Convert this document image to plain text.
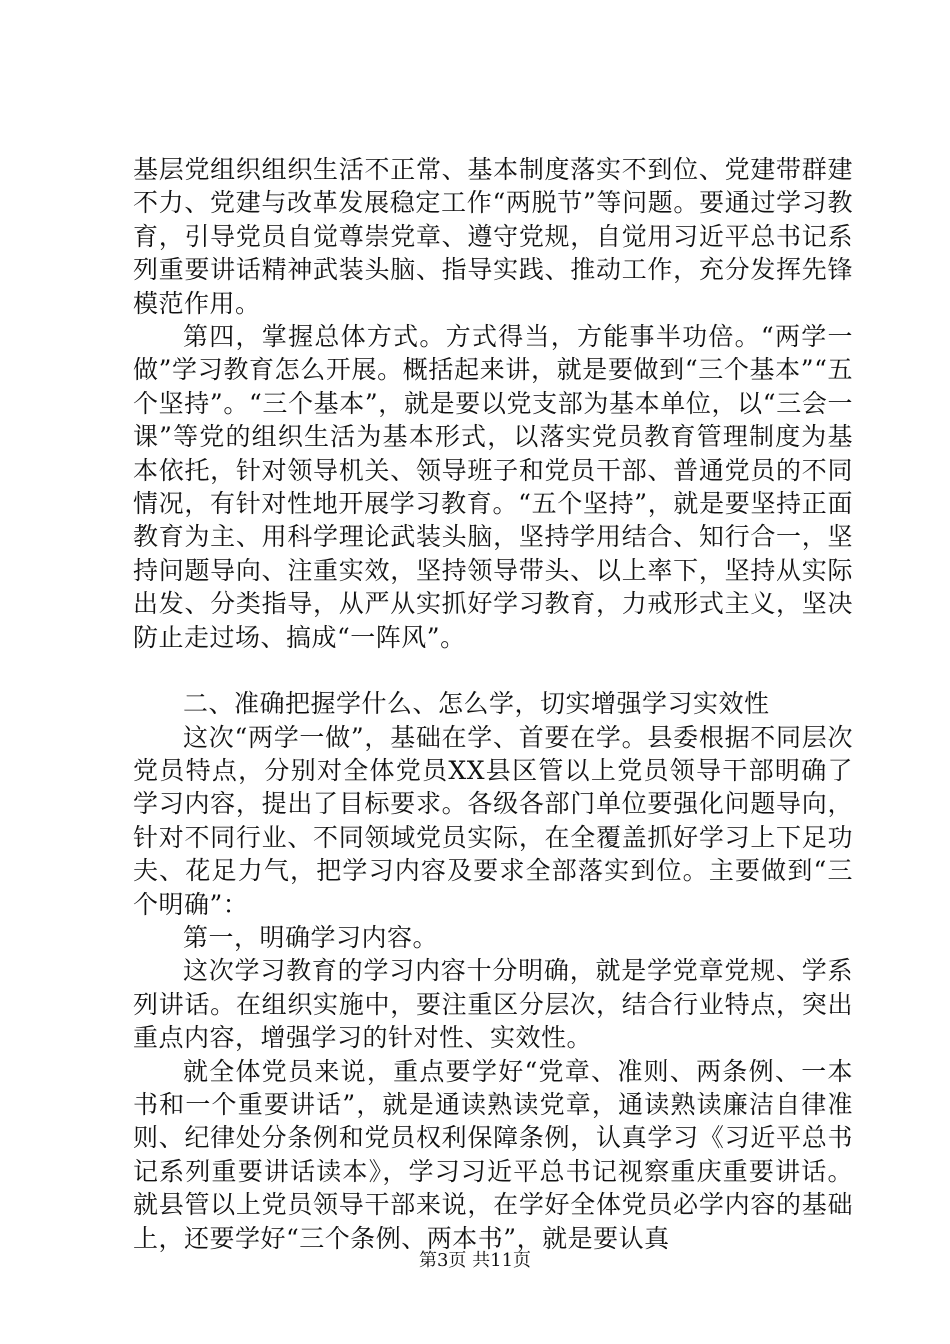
基层党组织组织生活不正常、基本制度落实不到位、党建带群建不力、党建与改革发展稳定工作“两脱节”等问题。要通过学习教育，引导党员自觉尊崇党章、遵守党规，自觉用习近平总书记系列重要讲话精神武装头脑、指导实践、推动工作，充分发挥先锋模范作用。

第四，掌握总体方式。方式得当，方能事半功倍。“两学一做”学习教育怎么开展。概括起来讲，就是要做到“三个基本”“五个坚持”。“三个基本”，就是要以党支部为基本单位，以“三会一课”等党的组织生活为基本形式，以落实党员教育管理制度为基本依托，针对领导机关、领导班子和党员干部、普通党员的不同情况，有针对性地开展学习教育。“五个坚持”，就是要坚持正面教育为主、用科学理论武装头脑，坚持学用结合、知行合一，坚持问题导向、注重实效，坚持领导带头、以上率下，坚持从实际出发、分类指导，从严从实抓好学习教育，力戒形式主义，坚决防止走过场、搞成“一阵风”。

二、准确把握学什么、怎么学，切实增强学习实效性

这次“两学一做”，基础在学、首要在学。县委根据不同层次党员特点，分别对全体党员XX县区管以上党员领导干部明确了学习内容，提出了目标要求。各级各部门单位要强化问题导向，针对不同行业、不同领域党员实际，在全覆盖抓好学习上下足功夫、花足力气，把学习内容及要求全部落实到位。主要做到“三个明确”：

第一，明确学习内容。

这次学习教育的学习内容十分明确，就是学党章党规、学系列讲话。在组织实施中，要注重区分层次，结合行业特点，突出重点内容，增强学习的针对性、实效性。

就全体党员来说，重点要学好“党章、准则、两条例、一本书和一个重要讲话”，就是通读熟读党章，通读熟读廉洁自律准则、纪律处分条例和党员权利保障条例，认真学习《习近平总书记系列重要讲话读本》，学习习近平总书记视察重庆重要讲话。就县管以上党员领导干部来说，在学好全体党员必学内容的基础上，还要学好“三个条例、两本书”，就是要认真

第3页 共11页
